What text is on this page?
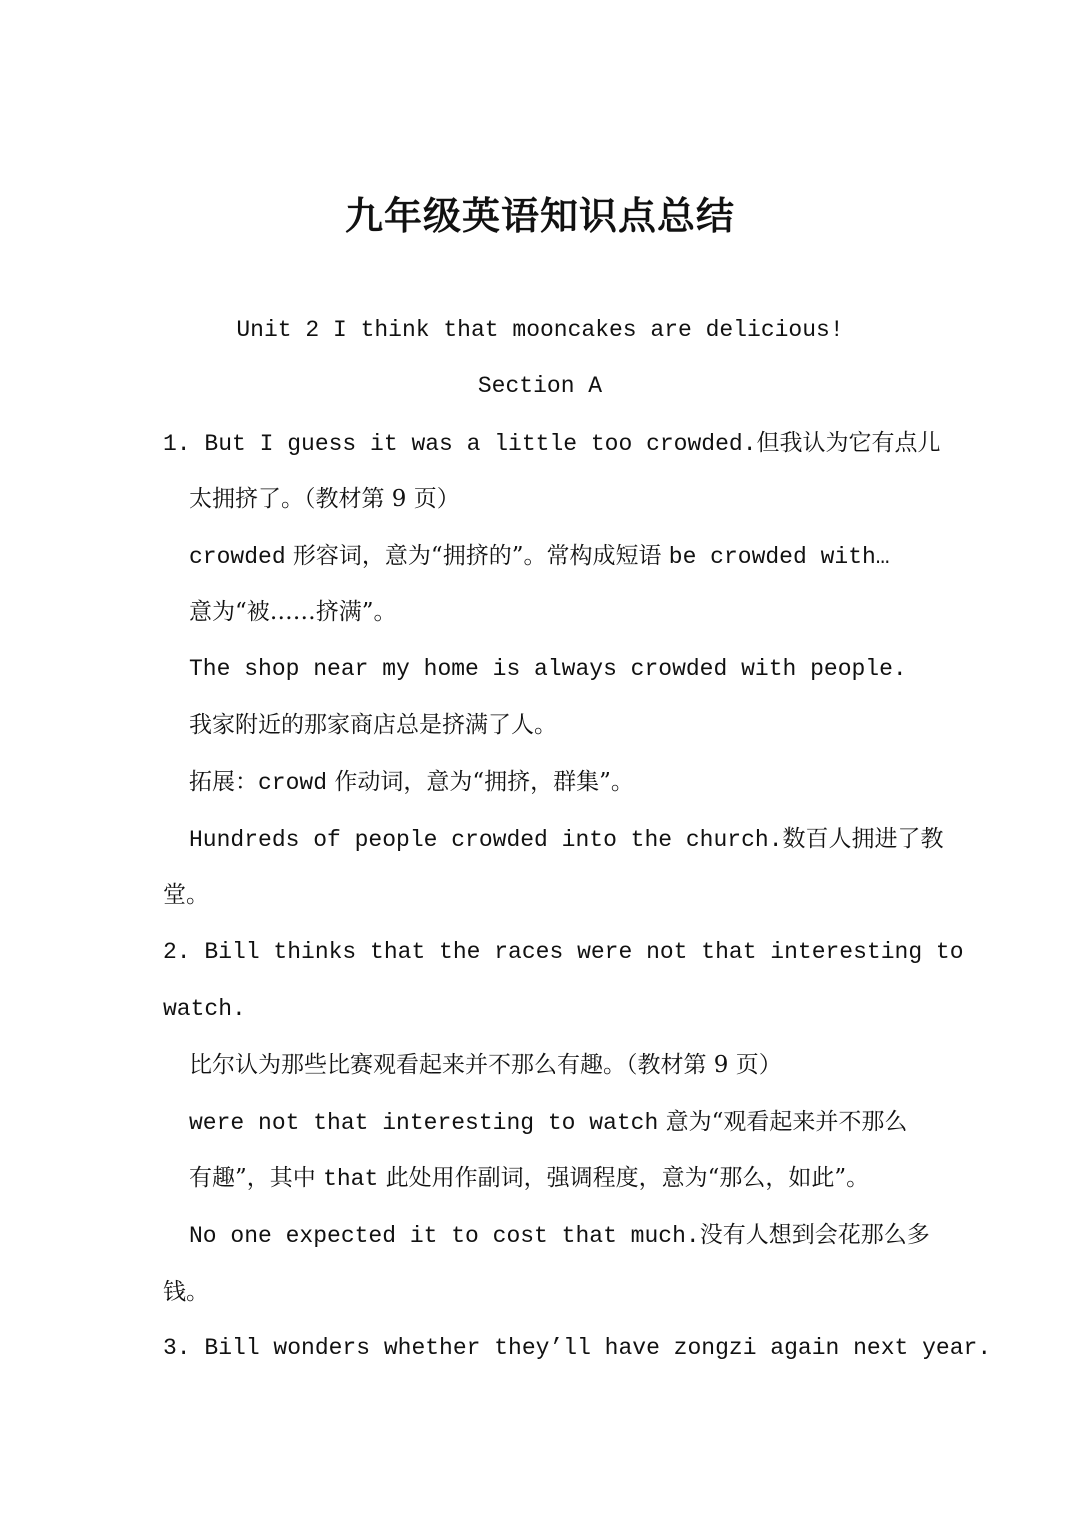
九年级英语知识点总结
Unit 2 I think that mooncakes are delicious!
Section A
1. But I guess it was a little too crowded.但我认为它有点儿
太拥挤了。（教材第 9 页）
crowded 形容词，意为“拥挤的”。常构成短语 be crowded with…
意为“被……挤满”。
The shop near my home is always crowded with people.
我家附近的那家商店总是挤满了人。
拓展：crowd 作动词，意为“拥挤，群集”。
Hundreds of people crowded into the church.数百人拥进了教
堂。
2. Bill thinks that the races were not that interesting to
watch.
比尔认为那些比赛观看起来并不那么有趣。（教材第 9 页）
were not that interesting to watch 意为“观看起来并不那么
有趣”，其中 that 此处用作副词，强调程度，意为“那么，如此”。
No one expected it to cost that much.没有人想到会花那么多
钱。
3. Bill wonders whether they’ll have zongzi again next year.
